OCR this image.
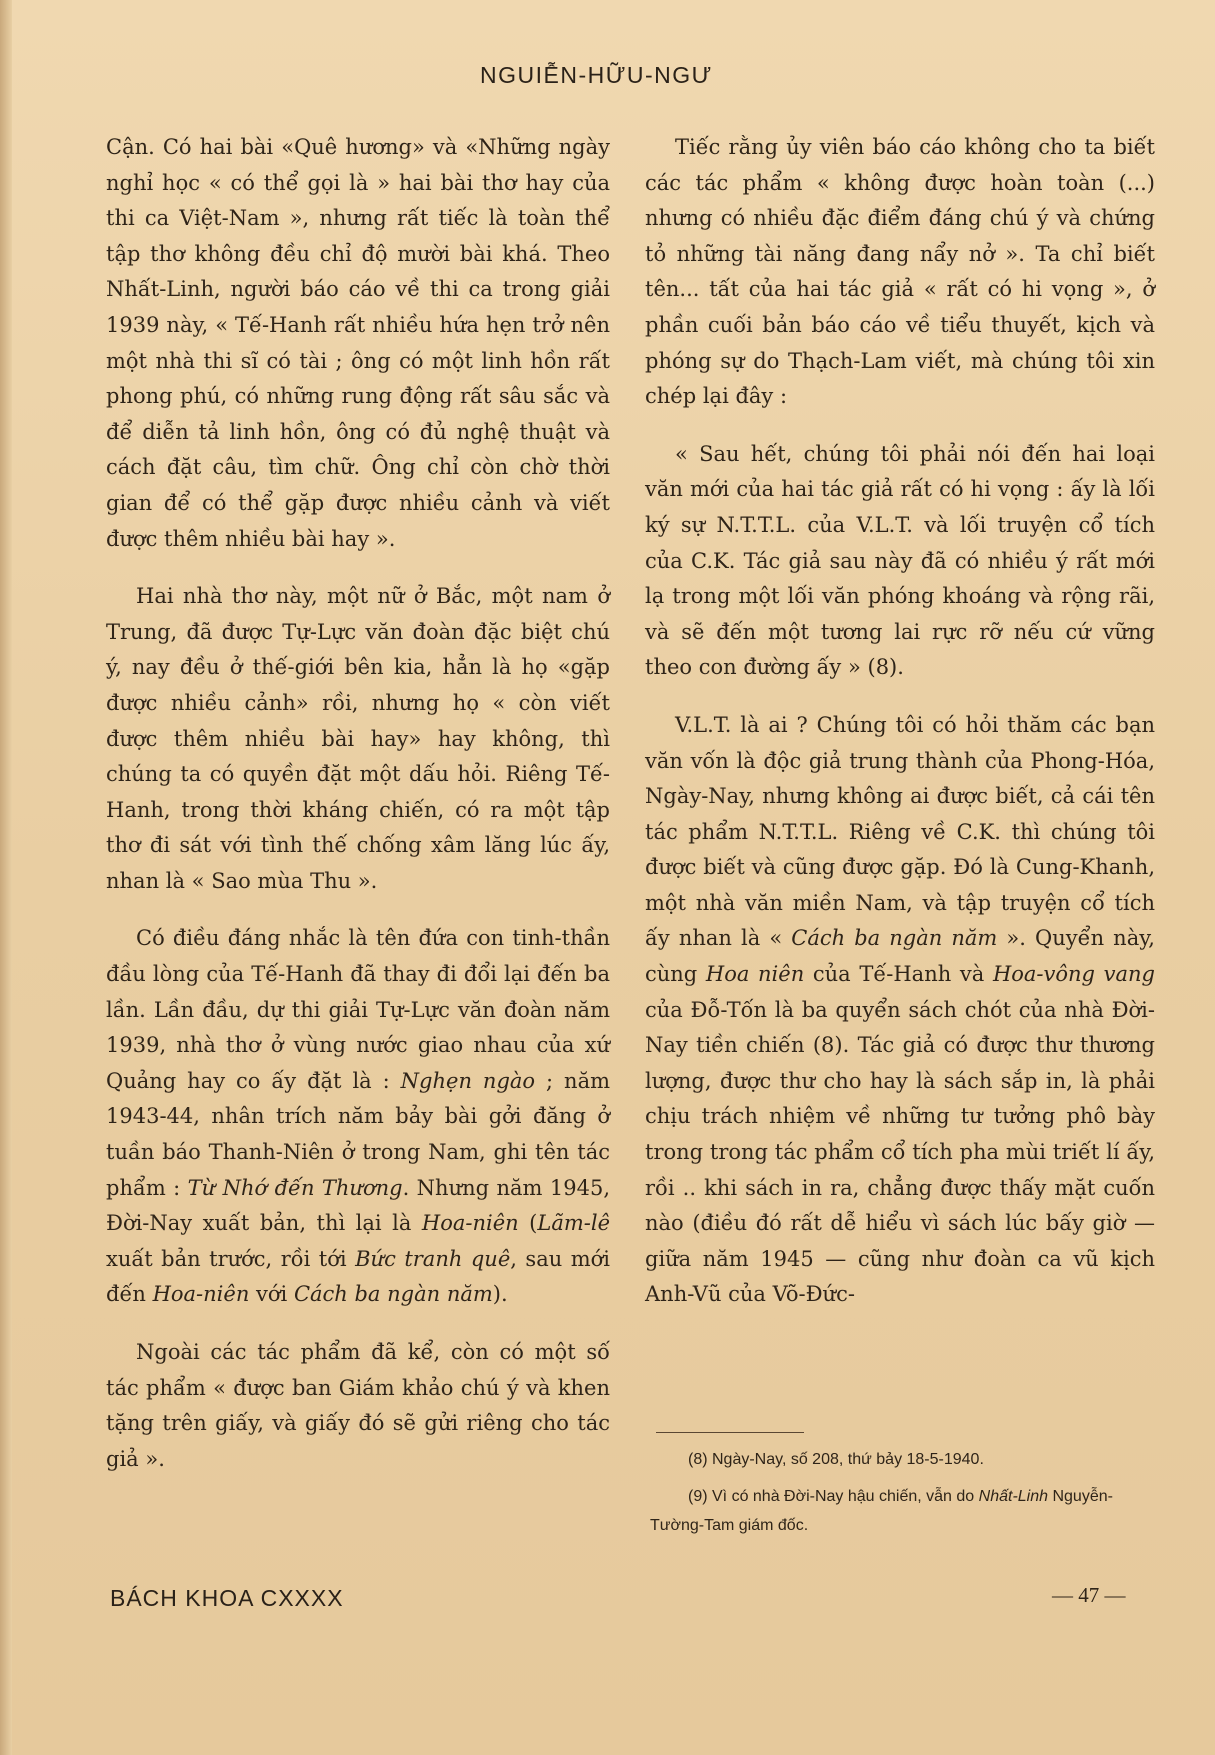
NGUIỄN-HỮU-NGƯ

Cận. Có hai bài «Quê hương» và «Những ngày nghỉ học « có thể gọi là » hai bài thơ hay của thi ca Việt-Nam », nhưng rất tiếc là toàn thể tập thơ không đều chỉ độ mười bài khá. Theo Nhất-Linh, người báo cáo về thi ca trong giải 1939 này, « Tế-Hanh rất nhiều hứa hẹn trở nên một nhà thi sĩ có tài ; ông có một linh hồn rất phong phú, có những rung động rất sâu sắc và để diễn tả linh hồn, ông có đủ nghệ thuật và cách đặt câu, tìm chữ. Ông chỉ còn chờ thời gian để có thể gặp được nhiều cảnh và viết được thêm nhiều bài hay ».

Hai nhà thơ này, một nữ ở Bắc, một nam ở Trung, đã được Tự-Lực văn đoàn đặc biệt chú ý, nay đều ở thế-giới bên kia, hẳn là họ «gặp được nhiều cảnh» rồi, nhưng họ « còn viết được thêm nhiều bài hay» hay không, thì chúng ta có quyền đặt một dấu hỏi. Riêng Tế-Hanh, trong thời kháng chiến, có ra một tập thơ đi sát với tình thế chống xâm lăng lúc ấy, nhan là « Sao mùa Thu ».

Có điều đáng nhắc là tên đứa con tinh-thần đầu lòng của Tế-Hanh đã thay đi đổi lại đến ba lần. Lần đầu, dự thi giải Tự-Lực văn đoàn năm 1939, nhà thơ ở vùng nước giao nhau của xứ Quảng hay co ấy đặt là : Nghẹn ngào ; năm 1943-44, nhân trích năm bảy bài gởi đăng ở tuần báo Thanh-Niên ở trong Nam, ghi tên tác phẩm : Từ Nhớ đến Thương. Nhưng năm 1945, Đời-Nay xuất bản, thì lại là Hoa-niên (Lãm-lê xuất bản trước, rồi tới Bức tranh quê, sau mới đến Hoa-niên với Cách ba ngàn năm).

Ngoài các tác phẩm đã kể, còn có một số tác phẩm « được ban Giám khảo chú ý và khen tặng trên giấy, và giấy đó sẽ gửi riêng cho tác giả ».

Tiếc rằng ủy viên báo cáo không cho ta biết các tác phẩm « không được hoàn toàn (...) nhưng có nhiều đặc điểm đáng chú ý và chứng tỏ những tài năng đang nẩy nở ». Ta chỉ biết tên... tất của hai tác giả « rất có hi vọng », ở phần cuối bản báo cáo về tiểu thuyết, kịch và phóng sự do Thạch-Lam viết, mà chúng tôi xin chép lại đây :

« Sau hết, chúng tôi phải nói đến hai loại văn mới của hai tác giả rất có hi vọng : ấy là lối ký sự N.T.T.L. của V.L.T. và lối truyện cổ tích của C.K. Tác giả sau này đã có nhiều ý rất mới lạ trong một lối văn phóng khoáng và rộng rãi, và sẽ đến một tương lai rực rỡ nếu cứ vững theo con đường ấy » (8).

V.L.T. là ai ? Chúng tôi có hỏi thăm các bạn văn vốn là độc giả trung thành của Phong-Hóa, Ngày-Nay, nhưng không ai được biết, cả cái tên tác phẩm N.T.T.L. Riêng về C.K. thì chúng tôi được biết và cũng được gặp. Đó là Cung-Khanh, một nhà văn miền Nam, và tập truyện cổ tích ấy nhan là « Cách ba ngàn năm ». Quyển này, cùng Hoa niên của Tế-Hanh và Hoa-vông vang của Đỗ-Tốn là ba quyển sách chót của nhà Đời-Nay tiền chiến (8). Tác giả có được thư thương lượng, được thư cho hay là sách sắp in, là phải chịu trách nhiệm về những tư tưởng phô bày trong trong tác phẩm cổ tích pha mùi triết lí ấy, rồi .. khi sách in ra, chẳng được thấy mặt cuốn nào (điều đó rất dễ hiểu vì sách lúc bấy giờ — giữa năm 1945 — cũng như đoàn ca vũ kịch Anh-Vũ của Võ-Đức-

(8) Ngày-Nay, số 208, thứ bảy 18-5-1940.

(9) Vì có nhà Đời-Nay hậu chiến, vẫn do Nhất-Linh Nguyễn-Tường-Tam giám đốc.

BÁCH KHOA CXXXX	— 47 —
